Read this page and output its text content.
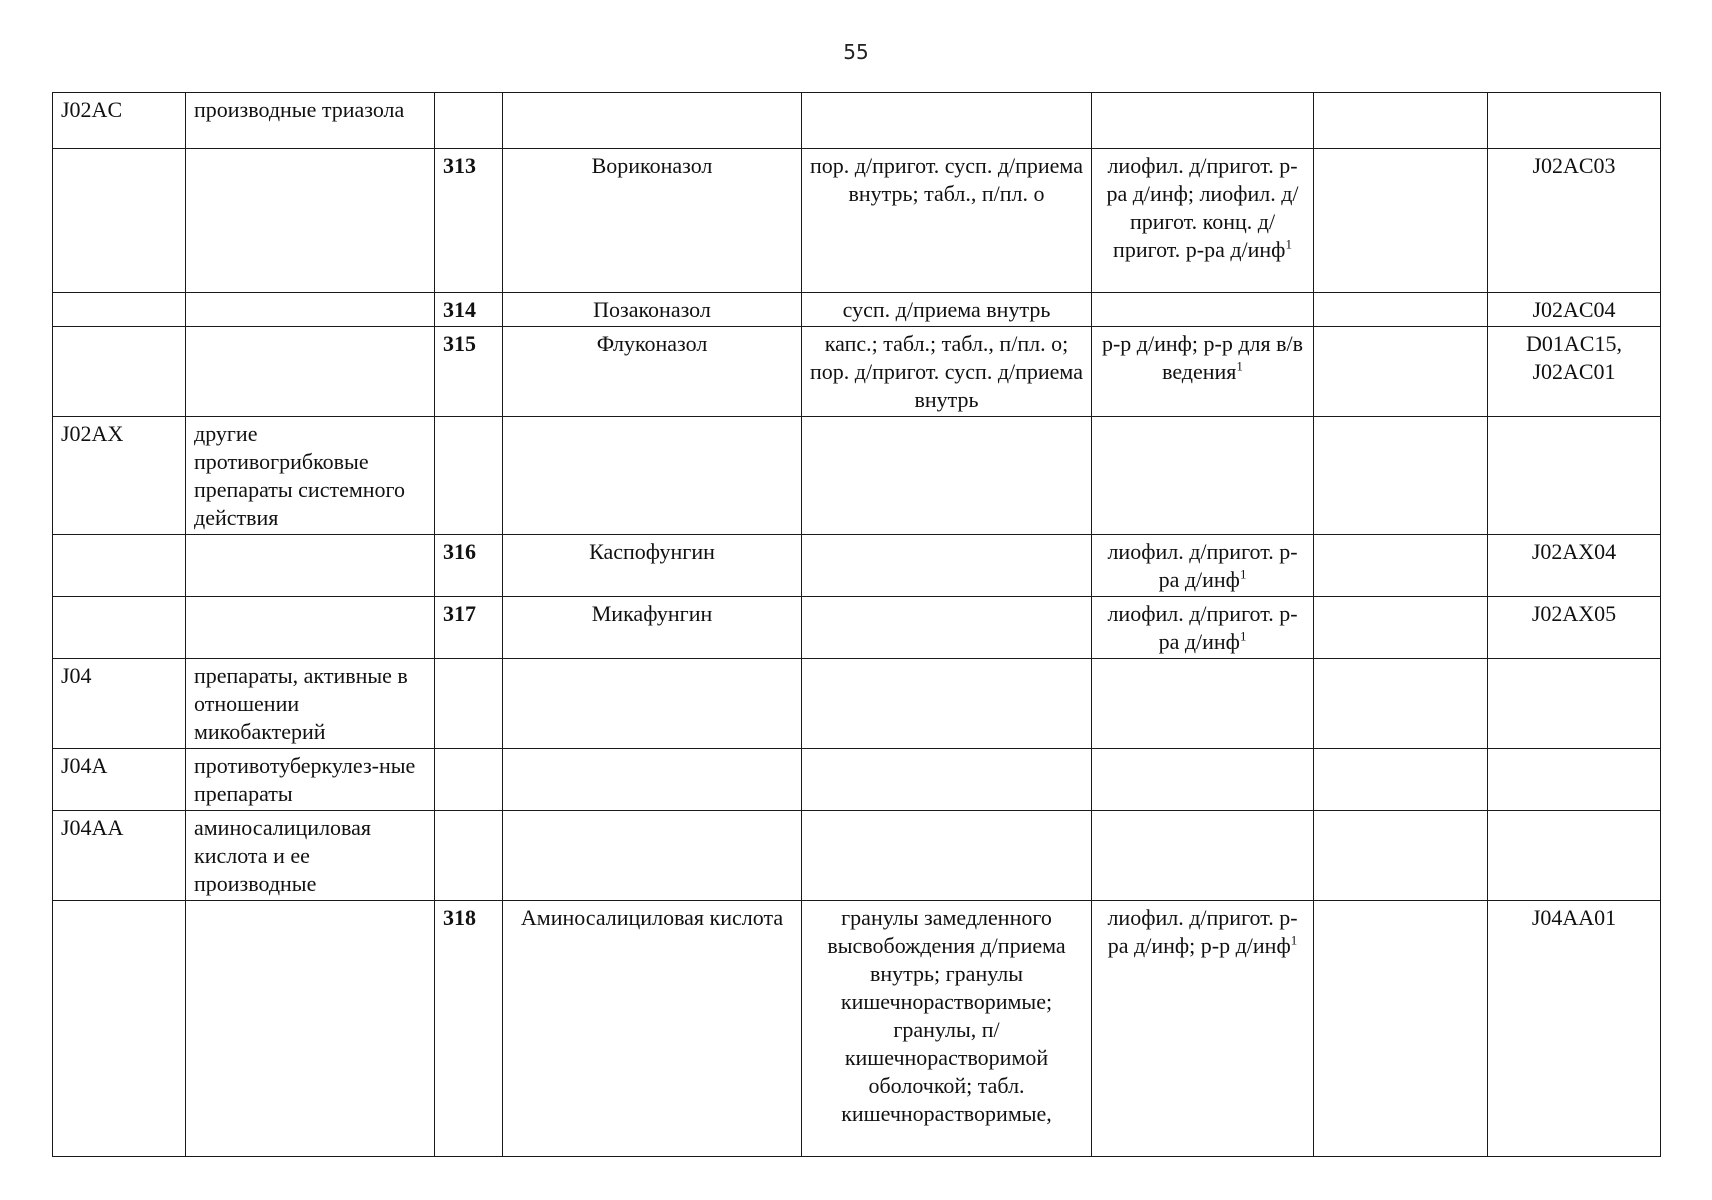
55
J02AC	производные триазола						
		313	Вориконазол	пор. д/пригот. сусп. д/приема внутрь; табл., п/пл. о	лиофил. д/пригот. р-ра д/инф; лиофил. д/пригот. конц. д/пригот. р-ра д/инф$^1$		J02AC03
		314	Позаконазол	сусп. д/приема внутрь			J02AC04
		315	Флуконазол	капс.; табл.; табл., п/пл. о; пор. д/пригот. сусп. д/приема внутрь	р-р д/инф; р-р для в/в ведения$^1$		D01AC15, J02AC01
J02AX	другие противогрибковые препараты системного действия						
		316	Каспофунгин		лиофил. д/пригот. р-ра д/инф$^1$		J02AX04
		317	Микафунгин		лиофил. д/пригот. р-ра д/инф$^1$		J02AX05
J04	препараты, активные в отношении микобактерий						
J04A	противотуберкулез-ные препараты						
J04AA	аминосалициловая кислота и ее производные						
		318	Аминосалициловая кислота	гранулы замедленного высвобождения д/приема внутрь; гранулы кишечнорастворимые; гранулы, п/кишечнорастворимой оболочкой; табл. кишечнорастворимые,	лиофил. д/пригот. р-ра д/инф; р-р д/инф$^1$		J04AA01
